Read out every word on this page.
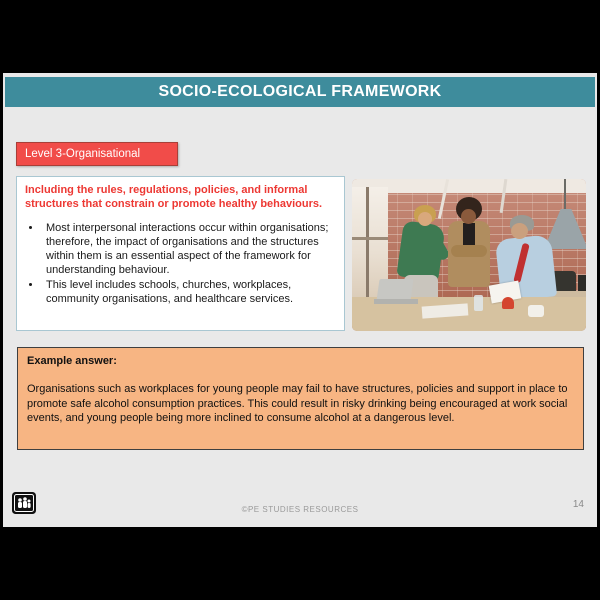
SOCIO-ECOLOGICAL FRAMEWORK
Level 3-Organisational

Including the rules, regulations, policies, and informal structures that constrain or promote healthy behaviours.

• Most interpersonal interactions occur within organisations; therefore, the impact of organisations and the structures within them is an essential aspect of the framework for understanding behaviour.
• This level includes schools, churches, workplaces, community organisations, and healthcare services.

Example answer:

Organisations such as workplaces for young people may fail to have structures, policies and support in place to promote safe alcohol consumption practices. This could result in risky drinking being encouraged at work social events, and young people being more inclined to consume alcohol at a dangerous level.

©PE STUDIES RESOURCES	14
